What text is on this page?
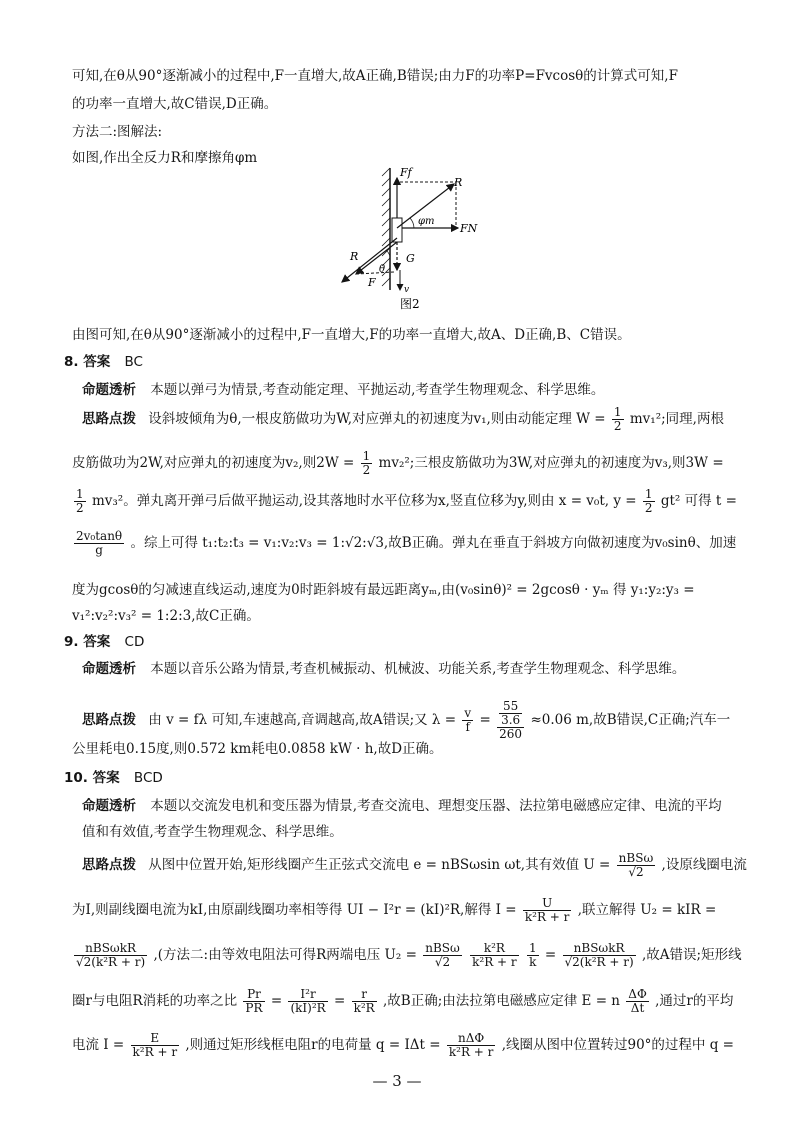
可知,在θ从90°逐渐减小的过程中,F一直增大,故A正确,B错误;由力F的功率P=Fvcosθ的计算式可知,F
的功率一直增大,故C错误,D正确。
方法二:图解法:
如图,作出全反力R和摩擦角φm
Ff
R
φm
FN
G
R
F
θ
v
图2
由图可知,在θ从90°逐渐减小的过程中,F一直增大,F的功率一直增大,故A、D正确,B、C错误。
8. 答案 BC
命题透析 本题以弹弓为情景,考查动能定理、平抛运动,考查学生物理观念、科学思维。
思路点拨 设斜坡倾角为θ,一根皮筋做功为W,对应弹丸的初速度为v₁,则由动能定理 $W = \frac{1}{2} mv_1^2$;同理,两根
皮筋做功为2W,对应弹丸的初速度为v₂,则$2W = \frac{1}{2} mv_2^2$;三根皮筋做功为3W,对应弹丸的初速度为v₃,则3W =
$\frac{1}{2} mv_3^2$。弹丸离开弹弓后做平抛运动,设其落地时水平位移为x,竖直位移为y,则由 x = v₀t, $y = \frac{1}{2} gt^2$ 可得 t =
$\frac{\text{2v₀tanθ}}{g}$ 。综上可得 t₁:t₂:t₃ = v₁:v₂:v₃ = 1:√2:√3,故B正确。弹丸在垂直于斜坡方向做初速度为v₀sinθ、加速
度为gcosθ的匀减速直线运动,速度为0时距斜坡有最远距离yₘ,由(v₀sinθ)² = 2gcosθ · yₘ 得 y₁:y₂:y₃ =
v₁²:v₂²:v₃² = 1:2:3,故C正确。
9. 答案 CD
命题透析 本题以音乐公路为情景,考查机械振动、机械波、功能关系,考查学生物理观念、科学思维。
思路点拨 由 v = fλ 可知,车速越高,音调越高,故A错误;又 $\lambda = \frac{v}{f} = \frac{\frac{55}{3.6}}{260} \approx 0.06$ m,故B错误,C正确;汽车一
公里耗电0.15度,则0.572 km耗电0.0858 kW · h,故D正确。
10. 答案 BCD
命题透析 本题以交流发电机和变压器为情景,考查交流电、理想变压器、法拉第电磁感应定律、电流的平均
值和有效值,考查学生物理观念、科学思维。
思路点拨 从图中位置开始,矩形线圈产生正弦式交流电 e = nBSωsin ωt,其有效值 $U = \frac{\text{nBSω}}{√2}$ ,设原线圈电流
为I,则副线圈电流为kI,由原副线圈功率相等得 UI − I²r = (kI)²R,解得 $I = \frac{U}{\text{k²R + r}}$ ,联立解得 U₂ = kIR =
$\frac{\text{nBSωkR}}{\text{√2(k²R + r)}}$ ,(方法二:由等效电阻法可得R两端电压 $U_2 = \frac{\text{nBSω}}{√2}$
$\frac{\text{k²R}}{\text{k²R + r}}$
$\frac{1}{k} = \frac{\text{nBSωkR}}{\text{√2(k²R + r)}}$ ,故A错误;矩形线
圈r与电阻R消耗的功率之比 $\frac{Pr}{PR} = \frac{\text{I²r}}{\text{(kI)²R}} = \frac{r}{\text{k²R}}$ ,故B正确;由法拉第电磁感应定律 E = n $\frac{\Delta\Phi}{\Delta t}$ ,通过r的平均
电流 $I = \frac{E}{\text{k²R + r}}$ ,则通过矩形线框电阻r的电荷量 $q = I\Delta t = \frac{\text{nΔΦ}}{\text{k²R + r}}$ ,线圈从图中位置转过90°的过程中 q =
— 3 —
